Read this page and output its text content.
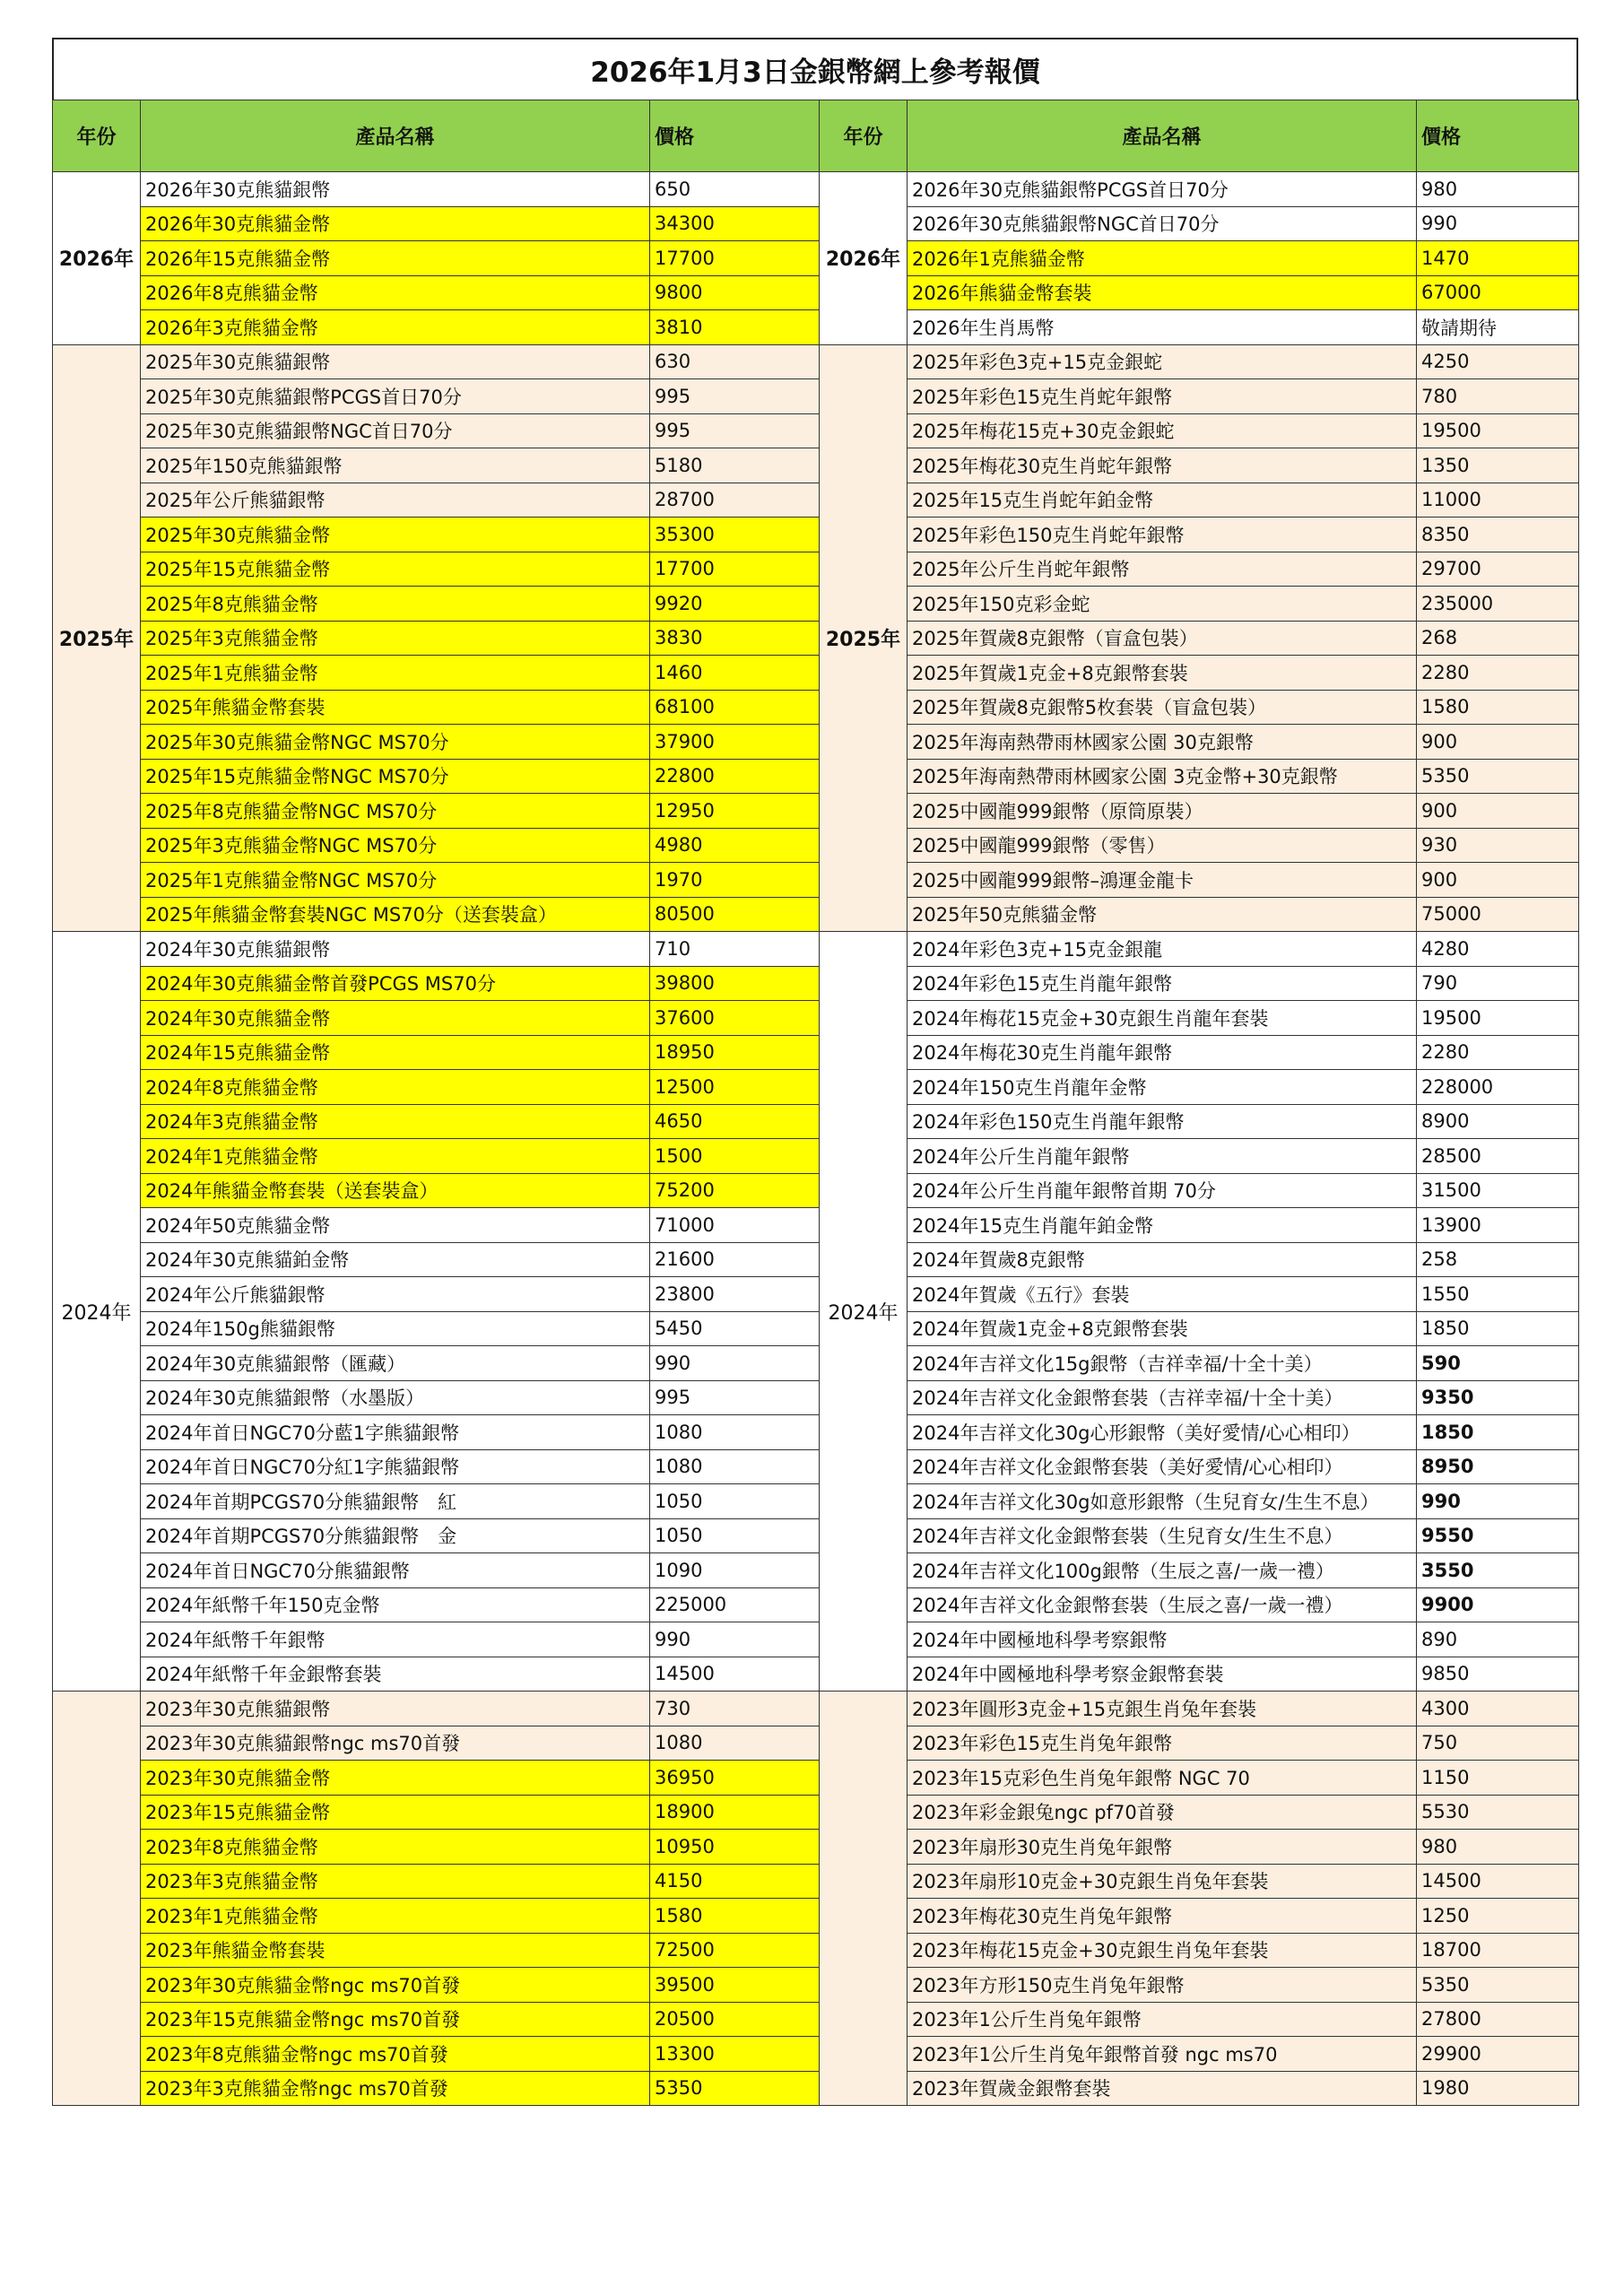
2026年1月3日金銀幣網上參考報價
年份	產品名稱	價格	年份	產品名稱	價格
2026年	2026年30克熊貓銀幣	650	2026年	2026年30克熊貓銀幣PCGS首日70分	980
	2026年30克熊貓金幣	34300		2026年30克熊貓銀幣NGC首日70分	990
	2026年15克熊貓金幣	17700		2026年1克熊貓金幣	1470
	2026年8克熊貓金幣	9800		2026年熊貓金幣套裝	67000
	2026年3克熊貓金幣	3810		2026年生肖馬幣	敬請期待
2025年	2025年30克熊貓銀幣	630	2025年	2025年彩色3克+15克金銀蛇	4250
	2025年30克熊貓銀幣PCGS首日70分	995		2025年彩色15克生肖蛇年銀幣	780
	2025年30克熊貓銀幣NGC首日70分	995		2025年梅花15克+30克金銀蛇	19500
	2025年150克熊貓銀幣	5180		2025年梅花30克生肖蛇年銀幣	1350
	2025年公斤熊貓銀幣	28700		2025年15克生肖蛇年鉑金幣	11000
	2025年30克熊貓金幣	35300		2025年彩色150克生肖蛇年銀幣	8350
	2025年15克熊貓金幣	17700		2025年公斤生肖蛇年銀幣	29700
	2025年8克熊貓金幣	9920		2025年150克彩金蛇	235000
	2025年3克熊貓金幣	3830		2025年賀歲8克銀幣（盲盒包裝）	268
	2025年1克熊貓金幣	1460		2025年賀歲1克金+8克銀幣套裝	2280
	2025年熊貓金幣套裝	68100		2025年賀歲8克銀幣5枚套裝（盲盒包裝）	1580
	2025年30克熊貓金幣NGC MS70分	37900		2025年海南熱帶雨林國家公園 30克銀幣	900
	2025年15克熊貓金幣NGC MS70分	22800		2025年海南熱帶雨林國家公園 3克金幣+30克銀幣	5350
	2025年8克熊貓金幣NGC MS70分	12950		2025中國龍999銀幣（原筒原裝）	900
	2025年3克熊貓金幣NGC MS70分	4980		2025中國龍999銀幣（零售）	930
	2025年1克熊貓金幣NGC MS70分	1970		2025中國龍999銀幣–鴻運金龍卡	900
	2025年熊貓金幣套裝NGC MS70分（送套裝盒）	80500		2025年50克熊貓金幣	75000
2024年	2024年30克熊貓銀幣	710	2024年	2024年彩色3克+15克金銀龍	4280
	2024年30克熊貓金幣首發PCGS MS70分	39800		2024年彩色15克生肖龍年銀幣	790
	2024年30克熊貓金幣	37600		2024年梅花15克金+30克銀生肖龍年套裝	19500
	2024年15克熊貓金幣	18950		2024年梅花30克生肖龍年銀幣	2280
	2024年8克熊貓金幣	12500		2024年150克生肖龍年金幣	228000
	2024年3克熊貓金幣	4650		2024年彩色150克生肖龍年銀幣	8900
	2024年1克熊貓金幣	1500		2024年公斤生肖龍年銀幣	28500
	2024年熊貓金幣套裝（送套裝盒）	75200		2024年公斤生肖龍年銀幣首期 70分	31500
	2024年50克熊貓金幣	71000		2024年15克生肖龍年鉑金幣	13900
	2024年30克熊貓鉑金幣	21600		2024年賀歲8克銀幣	258
	2024年公斤熊貓銀幣	23800		2024年賀歲《五行》套裝	1550
	2024年150g熊貓銀幣	5450		2024年賀歲1克金+8克銀幣套裝	1850
	2024年30克熊貓銀幣（匯藏）	990		2024年吉祥文化15g銀幣（吉祥幸福/十全十美）	590
	2024年30克熊貓銀幣（水墨版）	995		2024年吉祥文化金銀幣套裝（吉祥幸福/十全十美）	9350
	2024年首日NGC70分藍1字熊貓銀幣	1080		2024年吉祥文化30g心形銀幣（美好愛情/心心相印）	1850
	2024年首日NGC70分紅1字熊貓銀幣	1080		2024年吉祥文化金銀幣套裝（美好愛情/心心相印）	8950
	2024年首期PCGS70分熊貓銀幣　紅	1050		2024年吉祥文化30g如意形銀幣（生兒育女/生生不息）	990
	2024年首期PCGS70分熊貓銀幣　金	1050		2024年吉祥文化金銀幣套裝（生兒育女/生生不息）	9550
	2024年首日NGC70分熊貓銀幣	1090		2024年吉祥文化100g銀幣（生辰之喜/一歲一禮）	3550
	2024年紙幣千年150克金幣	225000		2024年吉祥文化金銀幣套裝（生辰之喜/一歲一禮）	9900
	2024年紙幣千年銀幣	990		2024年中國極地科學考察銀幣	890
	2024年紙幣千年金銀幣套裝	14500		2024年中國極地科學考察金銀幣套裝	9850
	2023年30克熊貓銀幣	730		2023年圓形3克金+15克銀生肖兔年套裝	4300
	2023年30克熊貓銀幣ngc ms70首發	1080		2023年彩色15克生肖兔年銀幣	750
	2023年30克熊貓金幣	36950		2023年15克彩色生肖兔年銀幣 NGC 70	1150
	2023年15克熊貓金幣	18900		2023年彩金銀兔ngc pf70首發	5530
	2023年8克熊貓金幣	10950		2023年扇形30克生肖兔年銀幣	980
	2023年3克熊貓金幣	4150		2023年扇形10克金+30克銀生肖兔年套裝	14500
	2023年1克熊貓金幣	1580		2023年梅花30克生肖兔年銀幣	1250
	2023年熊貓金幣套裝	72500		2023年梅花15克金+30克銀生肖兔年套裝	18700
	2023年30克熊貓金幣ngc ms70首發	39500		2023年方形150克生肖兔年銀幣	5350
	2023年15克熊貓金幣ngc ms70首發	20500		2023年1公斤生肖兔年銀幣	27800
	2023年8克熊貓金幣ngc ms70首發	13300		2023年1公斤生肖兔年銀幣首發 ngc ms70	29900
	2023年3克熊貓金幣ngc ms70首發	5350		2023年賀歲金銀幣套裝	1980
